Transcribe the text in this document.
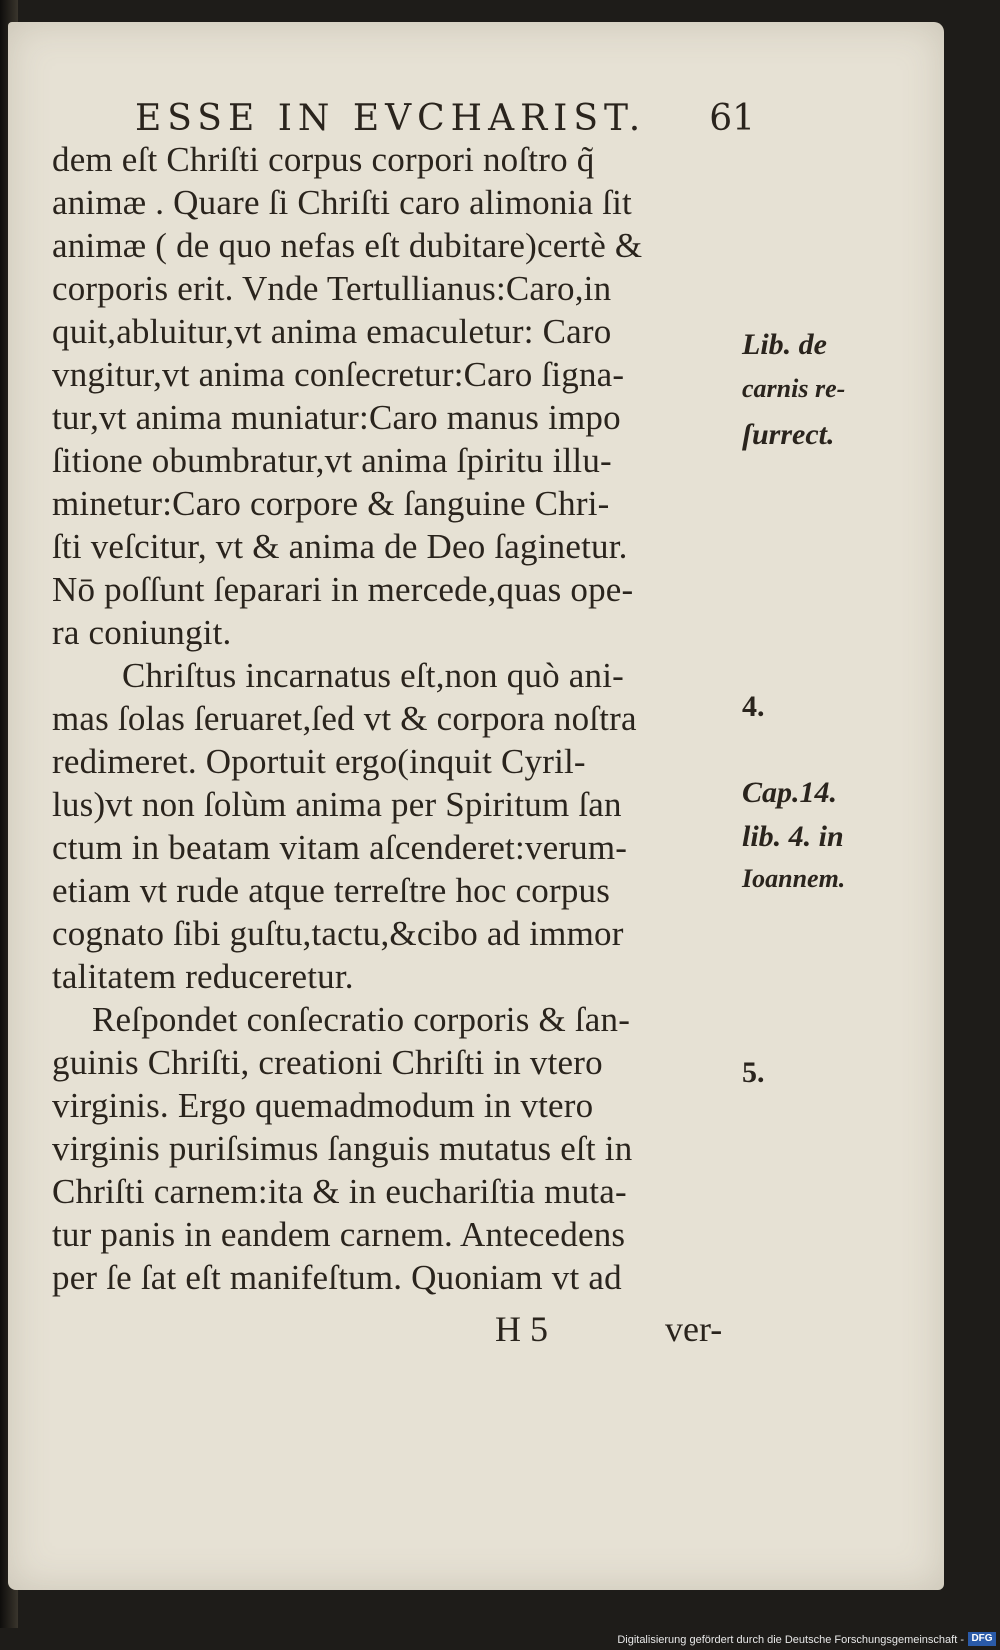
ESSE IN EVCHARIST. 61
dem eſt Chriſti corpus corpori noſtro q̃
animæ . Quare ſi Chriſti caro alimonia ſit
animæ ( de quo nefas eſt dubitare)certè &
corporis erit. Vnde Tertullianus:Caro,in
quit,abluitur,vt anima emaculetur: Caro
vngitur,vt anima conſecretur:Caro ſigna-
tur,vt anima muniatur:Caro manus impo
ſitione obumbratur,vt anima ſpiritu illu-
minetur:Caro corpore & ſanguine Chri-
ſti veſcitur, vt & anima de Deo ſaginetur.
Nō poſſunt ſeparari in mercede,quas ope-
ra coniungit.
Chriſtus incarnatus eſt,non quò ani-
mas ſolas ſeruaret,ſed vt & corpora noſtra
redimeret. Oportuit ergo(inquit Cyril-
lus)vt non ſolùm anima per Spiritum ſan
ctum in beatam vitam aſcenderet:verum-
etiam vt rude atque terreſtre hoc corpus
cognato ſibi guſtu,tactu,&cibo ad immor
talitatem reduceretur.
Reſpondet conſecratio corporis & ſan-
guinis Chriſti, creationi Chriſti in vtero
virginis. Ergo quemadmodum in vtero
virginis puriſsimus ſanguis mutatus eſt in
Chriſti carnem:ita & in euchariſtia muta-
tur panis in eandem carnem. Antecedens
per ſe ſat eſt manifeſtum. Quoniam vt ad
Lib. de
carnis re-
ſurrect.
4.
Cap.14.
lib. 4. in
Ioannem.
5.
H 5	ver-
Digitalisierung gefördert durch die Deutsche Forschungsgemeinschaft - DFG
